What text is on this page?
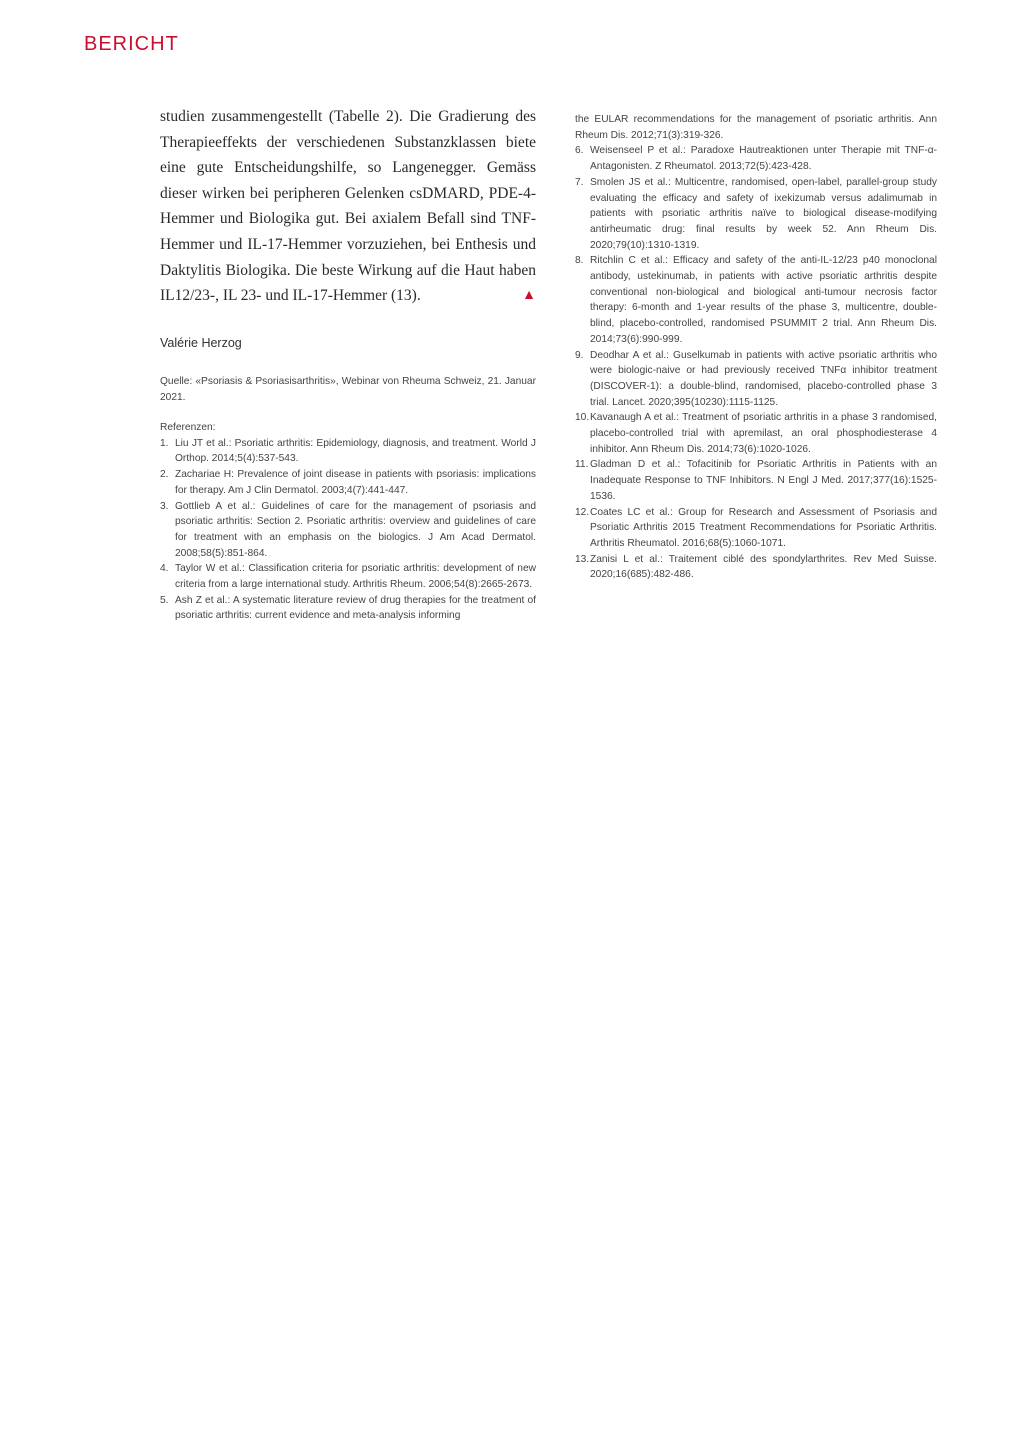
BERICHT

studien zusammengestellt (Tabelle 2). Die Gradierung des Therapieeffekts der verschiedenen Substanzklassen biete eine gute Entscheidungshilfe, so Langenegger. Gemäss dieser wirken bei peripheren Gelenken csDMARD, PDE-4-Hemmer und Biologika gut. Bei axialem Befall sind TNF-Hemmer und IL-17-Hemmer vorzuziehen, bei Enthesis und Daktylitis Biologika. Die beste Wirkung auf die Haut haben IL12/23-, IL 23- und IL-17-Hemmer (13).	▲

Valérie Herzog

Quelle: «Psoriasis & Psoriasisarthritis», Webinar von Rheuma Schweiz, 21. Januar 2021.

Referenzen:

1. Liu JT et al.: Psoriatic arthritis: Epidemiology, diagnosis, and treatment. World J Orthop. 2014;5(4):537-543.
2. Zachariae H: Prevalence of joint disease in patients with psoriasis: implications for therapy. Am J Clin Dermatol. 2003;4(7):441-447.
3. Gottlieb A et al.: Guidelines of care for the management of psoriasis and psoriatic arthritis: Section 2. Psoriatic arthritis: overview and guidelines of care for treatment with an emphasis on the biologics. J Am Acad Dermatol. 2008;58(5):851-864.
4. Taylor W et al.: Classification criteria for psoriatic arthritis: development of new criteria from a large international study. Arthritis Rheum. 2006;54(8):2665-2673.
5. Ash Z et al.: A systematic literature review of drug therapies for the treatment of psoriatic arthritis: current evidence and meta-analysis informing

the EULAR recommendations for the management of psoriatic arthritis. Ann Rheum Dis. 2012;71(3):319-326.

6. Weisenseel P et al.: Paradoxe Hautreaktionen unter Therapie mit TNF-α-Antagonisten. Z Rheumatol. 2013;72(5):423-428.
7. Smolen JS et al.: Multicentre, randomised, open-label, parallel-group study evaluating the efficacy and safety of ixekizumab versus adalimumab in patients with psoriatic arthritis naïve to biological disease-modifying antirheumatic drug: final results by week 52. Ann Rheum Dis. 2020;79(10):1310-1319.
8. Ritchlin C et al.: Efficacy and safety of the anti-IL-12/23 p40 monoclonal antibody, ustekinumab, in patients with active psoriatic arthritis despite conventional non-biological and biological anti-tumour necrosis factor therapy: 6-month and 1-year results of the phase 3, multicentre, double-blind, placebo-controlled, randomised PSUMMIT 2 trial. Ann Rheum Dis. 2014;73(6):990-999.
9. Deodhar A et al.: Guselkumab in patients with active psoriatic arthritis who were biologic-naive or had previously received TNFα inhibitor treatment (DISCOVER-1): a double-blind, randomised, placebo-controlled phase 3 trial. Lancet. 2020;395(10230):1115-1125.
10. Kavanaugh A et al.: Treatment of psoriatic arthritis in a phase 3 randomised, placebo-controlled trial with apremilast, an oral phosphodiesterase 4 inhibitor. Ann Rheum Dis. 2014;73(6):1020-1026.
11. Gladman D et al.: Tofacitinib for Psoriatic Arthritis in Patients with an Inadequate Response to TNF Inhibitors. N Engl J Med. 2017;377(16):1525-1536.
12. Coates LC et al.: Group for Research and Assessment of Psoriasis and Psoriatic Arthritis 2015 Treatment Recommendations for Psoriatic Arthritis. Arthritis Rheumatol. 2016;68(5):1060-1071.
13. Zanisi L et al.: Traitement ciblé des spondylarthrites. Rev Med Suisse. 2020;16(685):482-486.
